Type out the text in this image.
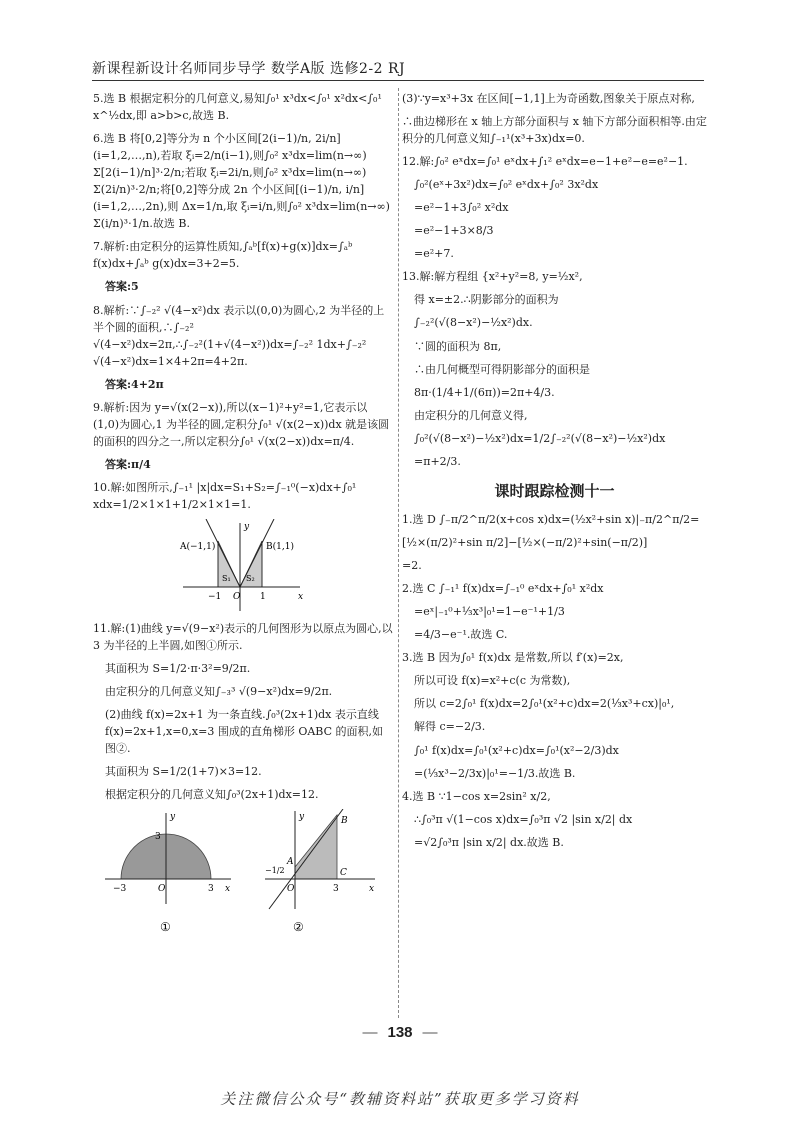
新课程新设计名师同步导学 数学A版 选修2-2 RJ

5.选 B 根据定积分的几何意义,易知∫₀¹ x³dx<∫₀¹ x²dx<∫₀¹ x^½dx,即 a>b>c,故选 B.

6.选 B 将[0,2]等分为 n 个小区间[2(i−1)/n, 2i/n](i=1,2,…,n),若取 ξᵢ=2/n(i−1),则∫₀² x³dx=lim(n→∞) Σ[2(i−1)/n]³·2/n;若取 ξᵢ=2i/n,则∫₀² x³dx=lim(n→∞) Σ(2i/n)³·2/n;将[0,2]等分成 2n 个小区间[(i−1)/n, i/n](i=1,2,…,2n),则 Δx=1/n,取 ξᵢ=i/n,则∫₀² x³dx=lim(n→∞) Σ(i/n)³·1/n.故选 B.

7.解析:由定积分的运算性质知,∫ₐᵇ[f(x)+g(x)]dx=∫ₐᵇ f(x)dx+∫ₐᵇ g(x)dx=3+2=5.

答案:5

8.解析:∵∫₋₂² √(4−x²)dx 表示以(0,0)为圆心,2 为半径的上半个圆的面积,∴∫₋₂² √(4−x²)dx=2π,∴∫₋₂²(1+√(4−x²))dx=∫₋₂² 1dx+∫₋₂² √(4−x²)dx=1×4+2π=4+2π.

答案:4+2π

9.解析:因为 y=√(x(2−x)),所以(x−1)²+y²=1,它表示以(1,0)为圆心,1 为半径的圆,定积分∫₀¹ √(x(2−x))dx 就是该圆的面积的四分之一,所以定积分∫₀¹ √(x(2−x))dx=π/4.

答案:π/4

10.解:如图所示,∫₋₁¹ |x|dx=S₁+S₂=∫₋₁⁰(−x)dx+∫₀¹ xdx=1/2×1×1+1/2×1×1=1.

A(−1,1)	B(1,1)
S₁ S₂
x
y
O
−1	1

11.解:(1)曲线 y=√(9−x²)表示的几何图形为以原点为圆心,以 3 为半径的上半圆,如图①所示.

其面积为 S=1/2·π·3²=9/2π.

由定积分的几何意义知∫₋₃³ √(9−x²)dx=9/2π.

(2)曲线 f(x)=2x+1 为一条直线.∫₀³(2x+1)dx 表示直线 f(x)=2x+1,x=0,x=3 围成的直角梯形 OABC 的面积,如图②.

其面积为 S=1/2(1+7)×3=12.

根据定积分的几何意义知∫₀³(2x+1)dx=12.

3
−3	3
O	x
y
①
B
A
C
O	3
−1/2
x
y
②

(3)∵y=x³+3x 在区间[−1,1]上为奇函数,图象关于原点对称,

∴曲边梯形在 x 轴上方部分面积与 x 轴下方部分面积相等.由定积分的几何意义知∫₋₁¹(x³+3x)dx=0.

12.解:∫₀² eˣdx=∫₀¹ eˣdx+∫₁² eˣdx=e−1+e²−e=e²−1.

∫₀²(eˣ+3x²)dx=∫₀² eˣdx+∫₀² 3x²dx

=e²−1+3∫₀² x²dx

=e²−1+3×8/3

=e²+7.

13.解:解方程组 {x²+y²=8, y=½x²,

得 x=±2.∴阴影部分的面积为

∫₋₂²(√(8−x²)−½x²)dx.

∵圆的面积为 8π,

∴由几何概型可得阴影部分的面积是

8π·(1/4+1/(6π))=2π+4/3.

由定积分的几何意义得,

∫₀²(√(8−x²)−½x²)dx=1/2∫₋₂²(√(8−x²)−½x²)dx

=π+2/3.

课时跟踪检测十一

1.选 D ∫₋π/2^π/2(x+cos x)dx=(½x²+sin x)|₋π/2^π/2=

[½×(π/2)²+sin π/2]−[½×(−π/2)²+sin(−π/2)]

=2.

2.选 C ∫₋₁¹ f(x)dx=∫₋₁⁰ eˣdx+∫₀¹ x²dx

=eˣ|₋₁⁰+⅓x³|₀¹=1−e⁻¹+1/3

=4/3−e⁻¹.故选 C.

3.选 B 因为∫₀¹ f(x)dx 是常数,所以 f′(x)=2x,

所以可设 f(x)=x²+c(c 为常数),

所以 c=2∫₀¹ f(x)dx=2∫₀¹(x²+c)dx=2(⅓x³+cx)|₀¹,

解得 c=−2/3.

∫₀¹ f(x)dx=∫₀¹(x²+c)dx=∫₀¹(x²−2/3)dx

=(⅓x³−2/3x)|₀¹=−1/3.故选 B.

4.选 B ∵1−cos x=2sin² x/2,

∴∫₀³π √(1−cos x)dx=∫₀³π √2 |sin x/2| dx

=√2∫₀³π |sin x/2| dx.故选 B.

— 138 —
关注微信公众号“教辅资料站”获取更多学习资料
